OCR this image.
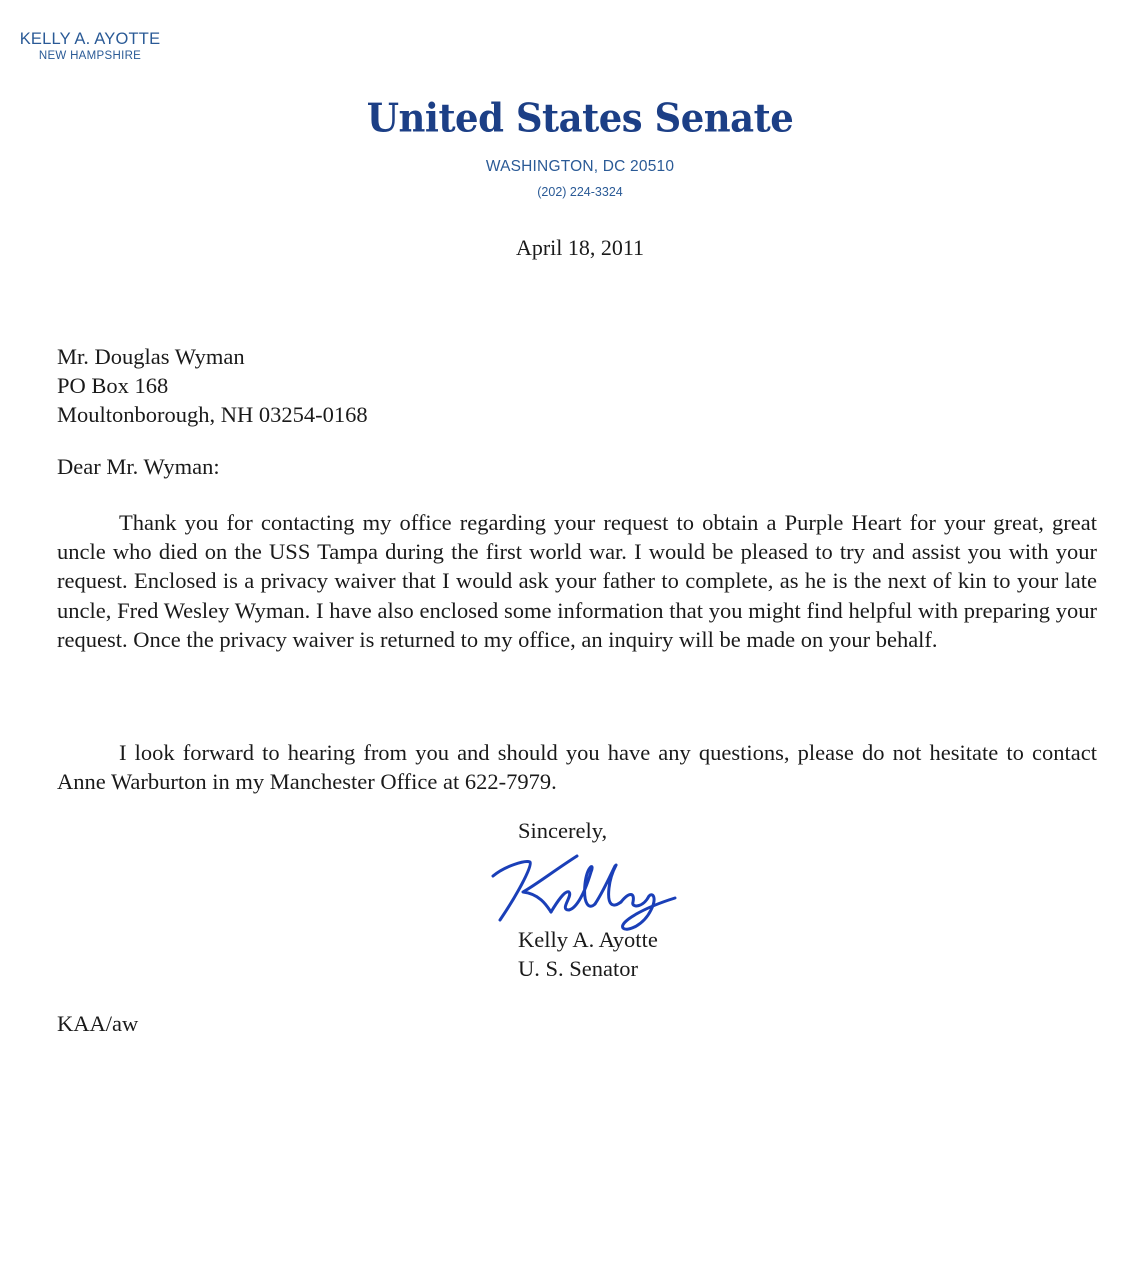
KELLY A. AYOTTE
NEW HAMPSHIRE
United States Senate
WASHINGTON, DC 20510
(202) 224-3324
April 18, 2011
Mr. Douglas Wyman
PO Box 168
Moultonborough, NH 03254-0168
Dear Mr. Wyman:
Thank you for contacting my office regarding your request to obtain a Purple Heart for your great, great uncle who died on the USS Tampa during the first world war. I would be pleased to try and assist you with your request. Enclosed is a privacy waiver that I would ask your father to complete, as he is the next of kin to your late uncle, Fred Wesley Wyman. I have also enclosed some information that you might find helpful with preparing your request. Once the privacy waiver is returned to my office, an inquiry will be made on your behalf.
I look forward to hearing from you and should you have any questions, please do not hesitate to contact Anne Warburton in my Manchester Office at 622-7979.
Sincerely,
Kelly A. Ayotte
U. S. Senator
KAA/aw
